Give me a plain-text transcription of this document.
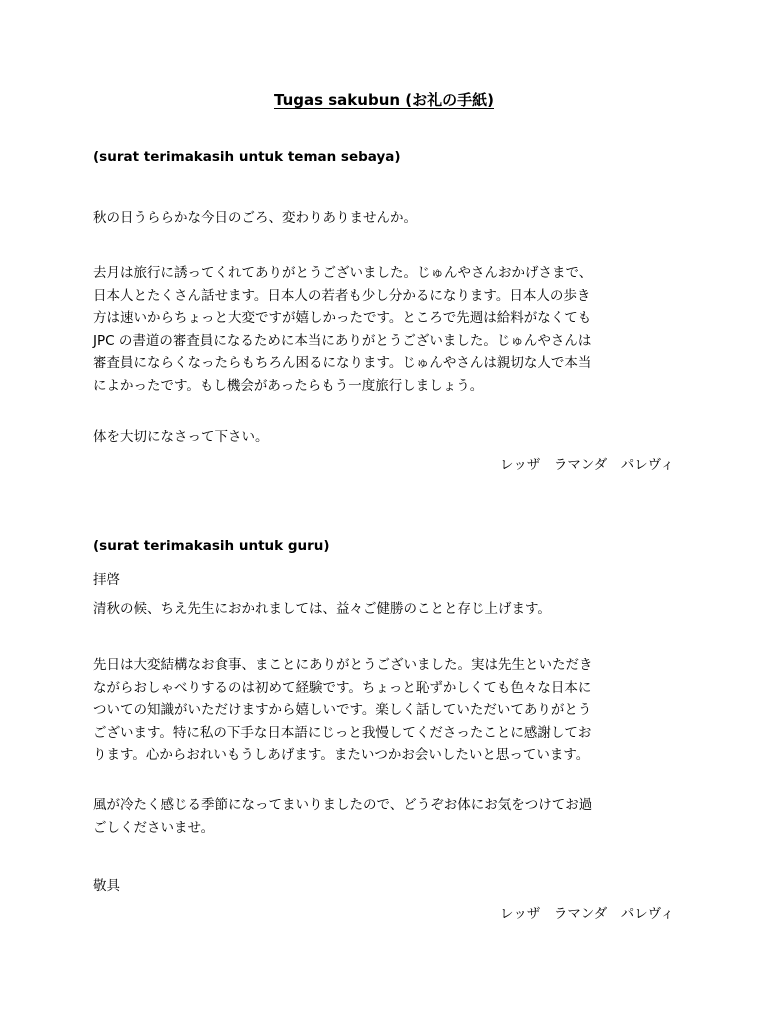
Tugas sakubun (お礼の手紙)
(surat terimakasih untuk teman sebaya)
秋の日うららかな今日のごろ、変わりありませんか。
去月は旅行に誘ってくれてありがとうございました。じゅんやさんおかげさまで、
日本人とたくさん話せます。日本人の若者も少し分かるになります。日本人の歩き
方は速いからちょっと大変ですが嬉しかったです。ところで先週は給料がなくても
JPC の書道の審査員になるために本当にありがとうございました。じゅんやさんは
審査員にならくなったらもちろん困るになります。じゅんやさんは親切な人で本当
によかったです。もし機会があったらもう一度旅行しましょう。
体を大切になさって下さい。
レッザ　ラマンダ　パレヴィ
(surat terimakasih untuk guru)
拝啓
清秋の候、ちえ先生におかれましては、益々ご健勝のことと存じ上げます。
先日は大変結構なお食事、まことにありがとうございました。実は先生といただき
ながらおしゃべりするのは初めて経験です。ちょっと恥ずかしくても色々な日本に
ついての知識がいただけますから嬉しいです。楽しく話していただいてありがとう
ございます。特に私の下手な日本語にじっと我慢してくださったことに感謝してお
ります。心からおれいもうしあげます。またいつかお会いしたいと思っています。
風が冷たく感じる季節になってまいりましたので、どうぞお体にお気をつけてお過
ごしくださいませ。
敬具
レッザ　ラマンダ　パレヴィ
